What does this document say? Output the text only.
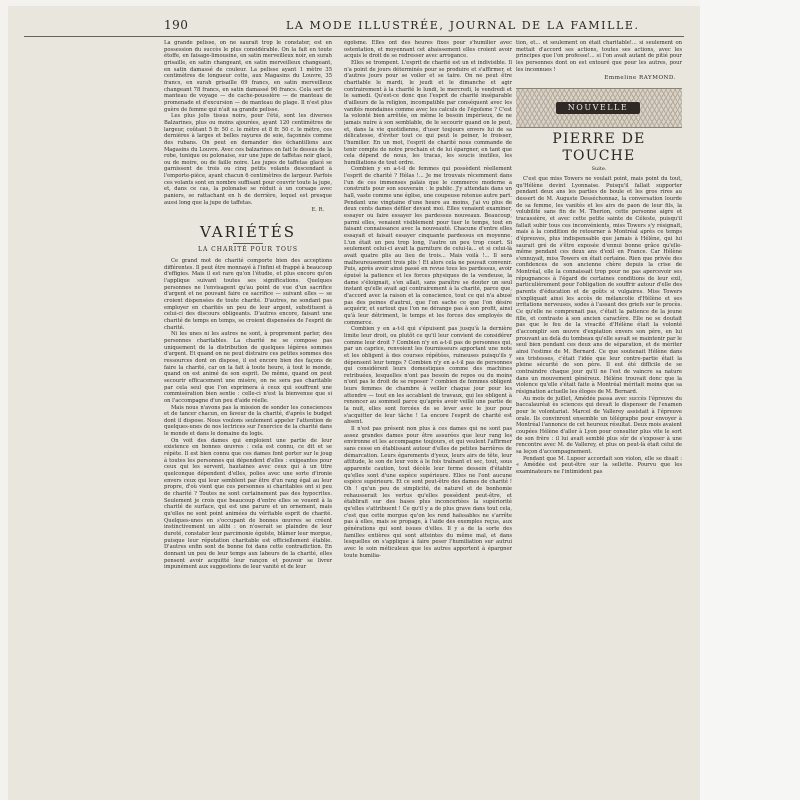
190	LA MODE ILLUSTRÉE, JOURNAL DE LA FAMILLE.

La grande pelisse, on ne saurait trop le constater, est en possession du succès le plus considérable. On la fait en toute étoffe, en faisage-limousine, en satin merveilleux noir, en surah grisaille, en satin changeant, en satin merveilleux changeant, en satin damassé de couleur. La pelisse ayant 1 mètre 35 centimètres de longueur cotte, aux Magasins du Louvre, 35 francs, en surah grisaille 69 francs, en satin merveilleux changeant 78 francs, en satin damassé 96 francs. Cela sert de manteau de voyage — de cache-poussière — de manteau de promenade et d'excursion — de manteau de plage. Il n'est plus guère de femme qui n'ait sa grande pelisse.

Les plus jolis tissus noirs, pour l'été, sont les diverses Balzarines, plus ou moins ajourées, ayant 120 centimètres de largeur, coûtant 5 fr. 50 c. le mètre et 8 fr. 50 c. le mètre, ces dernières à larges et belles rayures de soie, façonnés comme des rubans. On peut en demander des échantillons aux Magasins du Louvre. Avec ces balzarines on fait le dessus de la robe, tunique ou polonaise, sur une jupe de taffetas noir glacé, ou de moire, ou de faille noire. Les jupes de taffetas glacé se garnissent de trois ou cinq petits volants descendant à l'emporte-pièce, ayant chacun 6 centimètres de largeur. Parfois ces volants sont en nombre suffisant pour couvrir toute la jupe, et, dans ce cas, la polonaise se réduit à un corsage avec paniers, se rattachant en h de derrière, lequel est presque aussi long que la jupe de taffetas.

E. R.
VARIÉTÉS
LA CHARITÉ POUR TOUS

Ce grand mot de charité comporte bien des acceptions différentes. Il peut être monnayé à l'infini et frappé à beaucoup d'effigies. Mais il est rare qu'on l'étudie, et plus encore qu'on l'applique suivant toutes ses significations. Quelques personnes ne l'envisagent qu'au point de vue d'un sacrifice d'argent et ne pouvant faire ce sacrifice — suivant elles — se croient dispensées de toute charité. D'autres, ne sondant pas employer en charités un peu de leur argent, substituent à celui-ci des discours obligeants. D'autres encore, faisant une charité de temps en temps, se croient dispensées de l'esprit de charité.

Ni les unes ni les autres ne sont, à proprement parler, des personnes charitables. La charité ne se compose pas uniquement de la distribution de quelques légères sommes d'argent. Et quand on ne peut distraire ces petites sommes des ressources dont on dispose, il est encore bien des façons de faire la charité, car on la fait à toute heure, à tout le monde, quand on est animé de son esprit. De même, quand on peut secourir efficacement une misère, on ne sera pas charitable par cela seul que l'on exprimera à ceux qui souffrent une commisération bien sentie : celle-ci n'est la bienvenue que si on l'accompagne d'un peu d'aide réelle.

Mais nous n'avons pas la mission de sonder les consciences et de tancer chacun, en faveur de la charité, d'après le budget dont il dispose. Nous voulons seulement appeler l'attention de quelques-unes de nos lectrices sur l'exercice de la charité dans le monde et dans le domaine du logis.

On voit des dames qui emploient une partie de leur existence en bonnes œuvres : cela est connu, ce dit et se répète. Il est bien connu que ces dames font porter sur le joug à toutes les personnes qui dépendent d'elles : exigeantes pour ceux qui les servent, hautaines avec ceux qui à un titre quelconque dépendent d'elles, polies avec une sorte d'ironie envers ceux qui leur semblent par être d'un rang égal au leur propre, d'où vient que ces personnes si charitables ont si peu de charité ? Toutes ne sont certainement pas des hypocrites. Seulement je crois que beaucoup d'entre elles se vouent à la charité de surface, qui est une parure et un ornement, mais qu'elles ne sont point animées du véritable esprit de charité. Quelques-unes en s'occupant de bonnes œuvres se créent instinctivement un alibi : on n'oserait se plaindre de leur dureté, constater leur parcimonie égoïste, blâmer leur morgue, puisque leur réputation charitable est officiellement établie. D'autres enfin sont de bonne foi dans cette contradiction. En donnant un peu de leur temps aux labeurs de la charité, elles pensent avoir acquitté leur rançon et pouvoir se livrer impunément aux suggestions de leur vanité et de leur

égoïsme. Elles ont des heures fixes pour s'humilier avec ostentation, et moyennant cet abaissement elles croient avoir acquis le droit de se redresser avec arrogance.

Elles se trompent. L'esprit de charité est un et indivisible. Il n'a point de jours déterminés pour se produire et s'affirmer, et d'autres jours pour se voiler et se taire. On ne peut être charitable le mardi, le jeudi et le dimanche et agir contrairement à la charité le lundi, le mercredi, le vendredi et le samedi. Qu'est-ce donc que l'esprit de charité inséparable d'ailleurs de la religion, incompatible par conséquent avec les vanités mondaines comme avec les calculs de l'égoïsme ? C'est la volonté bien arrêtée, on même le besoin impérieux, de ne jamais nuire à son semblable, de le secourir quand on le peut, et, dans la vie quotidienne, d'user toujours envers lui de sa délicatesse, d'éviter tout ce qui peut le peiner, le froisser, l'humilier. En un mot, l'esprit de charité nous commande de tenir compte de notre prochain et de lui épargner, en tant que cela dépend de nous, les tracas, les soucis inutiles, les humiliations de tout ordre.

Combien y en a-t-il de femmes qui possèdent réellement l'esprit de charité ? Hélas !... Je me trouvais récemment dans l'un de ces immenses palais que le commerce moderne a construits pour son souverain : le public. J'y attendais dans un hall, vaste comme une église, une coupeuse retenue autre part. Pendant une vingtaine d'une heure au moins, j'ai vu plus de deux cents dames défiler devant moi. Elles venaient examiner, essayer ou faire essayer les pardessus nouveaux. Beaucoup, parmi elles, venaient visiblement pour tuer le temps, tout en faisant connaissance avec la nouveauté. Chacune d'entre elles essayait et faisait essayer cinquante pardessus en moyenne. L'un était un peu trop long, l'autre un peu trop court. Si seulement celui-ci avait la garniture de celui-là... et si celui-là avait quatre plis au lieu de trois... Mais voilà !... Il sera malheureusement trois plis ! Et alors cela ne pouvait convenir. Puis, après avoir ainsi passé en revue tous les pardessus, avoir épuisé la patience et les forces physiques de la vendeuse, la dame s'éloignait, s'en allait, sans paraître se douter un seul instant qu'elle avait agi contrairement à la charité, parce que, d'accord avec la raison et la conscience, tout ce qui n'a abusé pas des peines d'autrui, que l'on sache ce que l'on désire acquérir, et surtout que l'on ne dérange pas à son profit, ainsi qu'à leur détriment, le temps et les forces des employés de commerce.

Combien y en a-t-il qui s'épuisent pas jusqu'à la dernière limite leur droit, ou plutôt ce qu'il leur convient de considérer comme leur droit ? Combien n'y en a-t-il pas de personnes qui, par un caprice, renvoient les fournisseurs apportant une note et les obligent à des courses répétées, ruineuses puisqu'ils y dépensent leur temps ? Combien n'y en a-t-il pas de personnes qui considèrent leurs domestiques comme des machines retribuées, lesquelles n'ont pas besoin de repos ou du moins n'ont pas le droit de se reposer ? combien de femmes obligent leurs femmes de chambre à veiller chaque jour pour les attendre — tout en les accablant de travaux, qui les obligent à renoncer au sommeil parce qu'après avoir veillé une partie de la nuit, elles sont forcées de se lever avec le jour pour s'acquitter de leur tâche ! La encore l'esprit de charité est absent.

Il n'est pas présent non plus à ces dames qui ne sont pas assez grandes dames pour être assurées que leur rang les environne et les accompagne toujours, et qui veulent l'affirmer sans cesse en établissant autour d'elles de petites barrières de démarcation. Leurs égarements d'yeux, leurs airs de tête, leur attitude, le son de leur voix à le fois traînant et sec, tout, sous apparente caution, tout décèle leur ferme dessein d'établir qu'elles sont d'une espèce supérieure. Elles ne l'ont aucune espèce supérieure. Et ce sont peut-être des dames de charité ! Oh ! qu'un peu de simplicité, de naturel et de bonhomie rehausserait les vertus qu'elles possèdent peut-être, et établirait sur des bases plus inconcertées la supériorité qu'elles s'attribuent ! Ce qu'il y a de plus grave dans tout cela, c'est que cette morgue qu'on les rend haïssables ne s'arrête pas à elles, mais se propage, à l'aide des exemples reçus, aux générations qui sont issues d'elles. Il y a de la sorte des familles entières qui sont atteintes du même mal, et dans lesquelles on s'applique à faire peser l'humiliation sur autrui avec le soin méticuleux que les autres apportent à épargner toute humilia-

tion, et... et seulement on était charitable!... si seulement on mettait d'accord ses actions, toutes ses actions, avec les principes que l'on professe!... si l'on avait autant de pitié pour les personnes dont on est entouré que pour les autres, pour les inconnues !

Emmeline RAYMOND.
NOUVELLE
PIERRE DE TOUCHE
Suite.

C'est que miss Towers ne voulait point, mais point du tout, qu'Hélène devint Lyonnaise. Puisqu'il fallait supporter pendant deux ans les parties de boule et les gros rires au dessert de M. Auguste Desséchonnaz, la conversation lourde de sa femme, les vanités et les airs de paon de leur fils, la volubilité sans fin de M. Therion, cette personne aigre et tracassière, et avec cette petite sainte de Céleste, puisqu'il fallait subir tous ces inconvénients, miss Towers s'y résignait, mais à la condition de retourner à Montréal après ce temps d'épreuves, plus indispensable que jamais à Hélène, qui lui saurait gré de s'être exposée d'ennui bonne grâce qu'elle-même pendant ces deux ans d'exil en France. Car Hélène s'ennuyait, miss Towers en était certaine. Rien que privée des confidences de son ancienne chère depuis la crise de Montréal, elle la connaissait trop pour ne pas apercevoir ses répugnances à l'égard de certaines conditions de leur exil, particulièrement pour l'obligation de souffrir autour d'elle des parents d'éducation et de goûts si vulgaires. Miss Towers n'expliquait ainsi les accès de mélancolie d'Hélène et ses irritations nerveuses, sodes à l'assaut des griefs sur le procès. Ce qu'elle ne comprenait pas, c'était la patience de la jeune fille, et contraste à son ancien caractère. Elle ne se doutait pas que le feu de la vivacité d'Hélène était la volonté d'accomplir son œuvre d'expiation envers son père, en lui prouvant au delà du tombeau qu'elle savait se maintenir par le seul bien pendant ces deux ans de séparation, et de mériter ainsi l'estime de M. Bernard. Ce que soutenait Hélène dans ses tristesses, c'était l'idée que leur contre-partie était la pleine sécurité de son père. Il eut été difficile de se contraindre chaque jour qu'il ne l'est de vaincre sa nature dans un mouvement généreux. Hélène trouvait donc que la violence qu'elle s'était faite à Montréal méritait moins que sa résignation actuelle les éloges de M. Bernard.

Au mois de juillet, Amédée passa avec succès l'épreuve du baccalauréat ès sciences qui devait le dispenser de l'examen pour le volontariat. Marcel de Vallerey assistait à l'épreuve orale. Ils convinrent ensemble un télégraphe pour envoyer à Montréal l'annonce de cet heureux résultat. Deux mois avaient coupées Hélène d'aller à Lyon pour consulter plus vite le sort de son frère : il lui avait semblé plus sûr de s'exposer à une rencontre avec M. de Vallerey, et plus on peut-là était celui de sa leçon d'accompagnement.

Pendant que M. Lupeer accordait son violon, elle se disait : « Amédée est peut-être sur la sellette. Pourvu que les examinateurs ne l'intimident pas
